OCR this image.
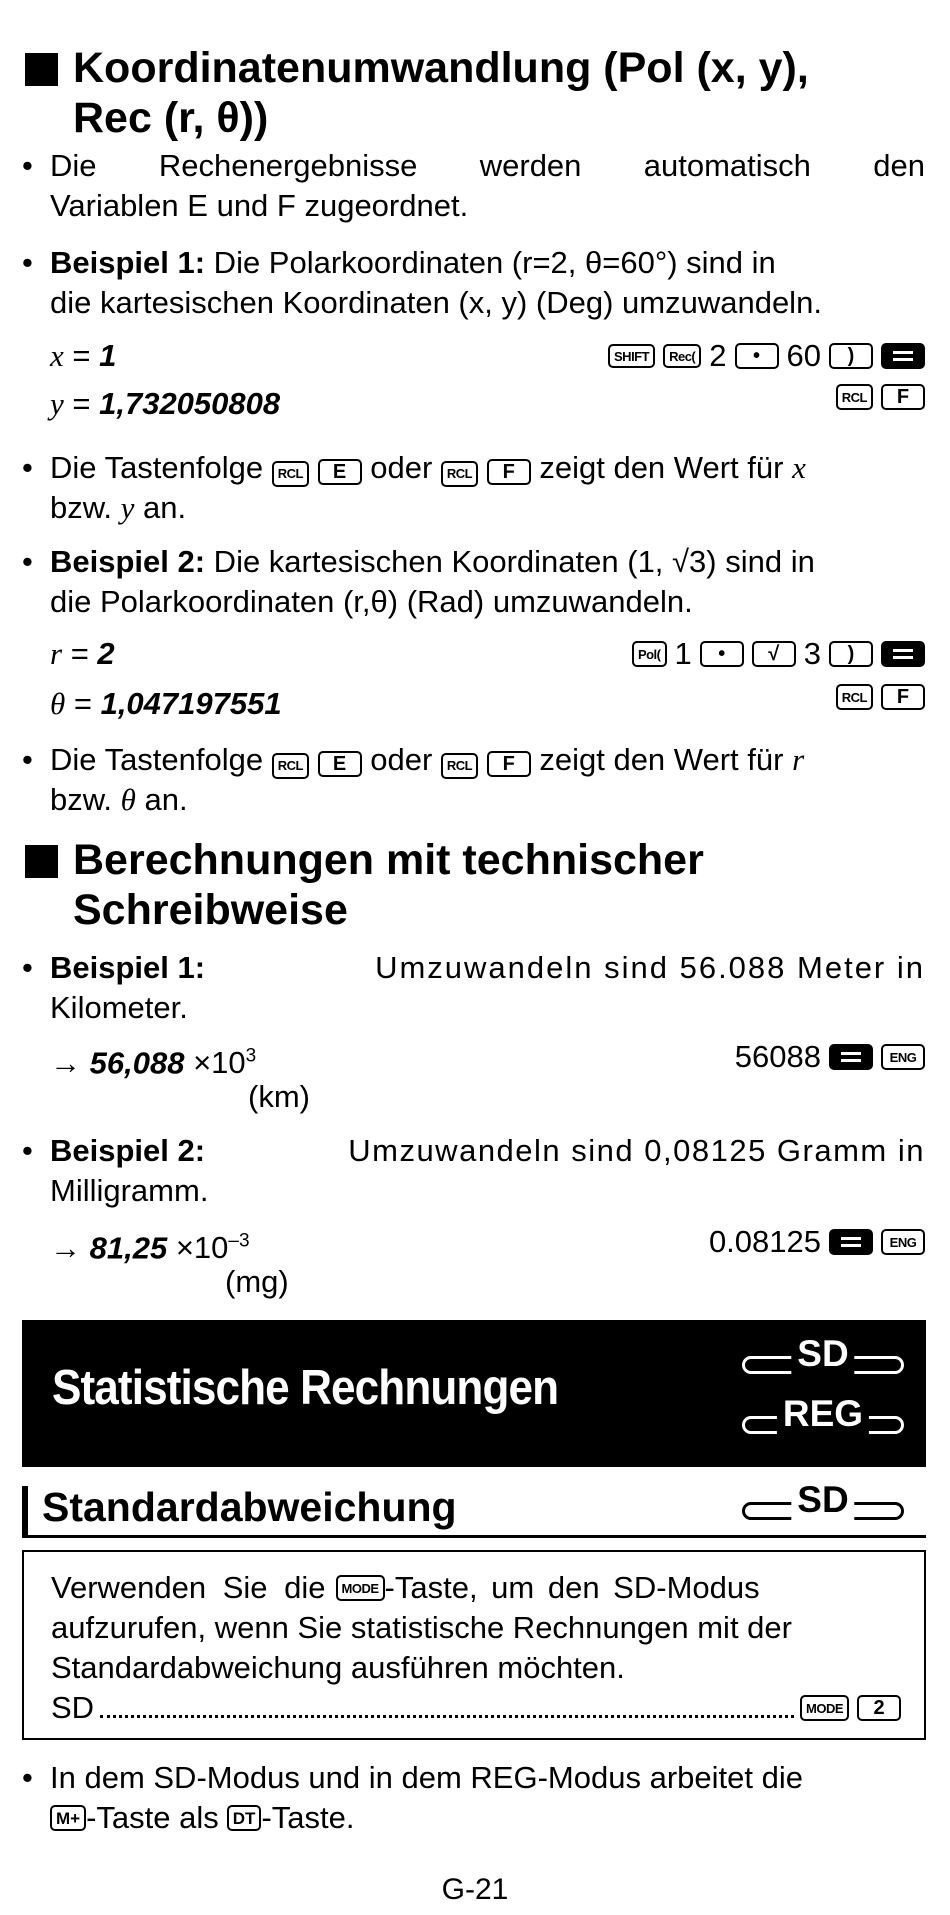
Koordinatenumwandlung (Pol (x, y),
Rec (r, θ))
• Die Rechenergebnisse werden automatisch den
Variablen E und F zugeordnet.
• Beispiel 1: Die Polarkoordinaten (r=2, θ=60°) sind in
die kartesischen Koordinaten (x, y) (Deg) umzuwandeln.
x = 1	SHIFT	Rec( 2	• 60	)
y = 1,732050808	RCL	F
• Die Tastenfolge RCL E oder RCL F zeigt den Wert für x
bzw. y an.
• Beispiel 2: Die kartesischen Koordinaten (1, √3) sind in
die Polarkoordinaten (r,θ) (Rad) umzuwandeln.
r = 2	Pol( 1	•	√ 3	)
θ = 1,047197551	RCL	F
• Die Tastenfolge RCL E oder RCL F zeigt den Wert für r
bzw. θ an.
Berechnungen mit technischer
Schreibweise
• Beispiel 1:	Umzuwandeln sind 56.088 Meter in
Kilometer.
→ $56,088 \times 10^3$
(km)
56088	ENG
• Beispiel 2:	Umzuwandeln sind 0,08125 Gramm in
Milligramm.
→ $81,25 \times 10^{-3}$
(mg)
0.08125	ENG
Statistische Rechnungen
SD
REG
Standardabweichung	SD
Verwenden Sie die	MODE -Taste, um den SD-Modus
aufzurufen, wenn Sie statistische Rechnungen mit der
Standardabweichung ausführen möchten.
SD	MODE	2
• In dem SD-Modus und in dem REG-Modus arbeitet die
M+ -Taste als DT -Taste.
G-21
